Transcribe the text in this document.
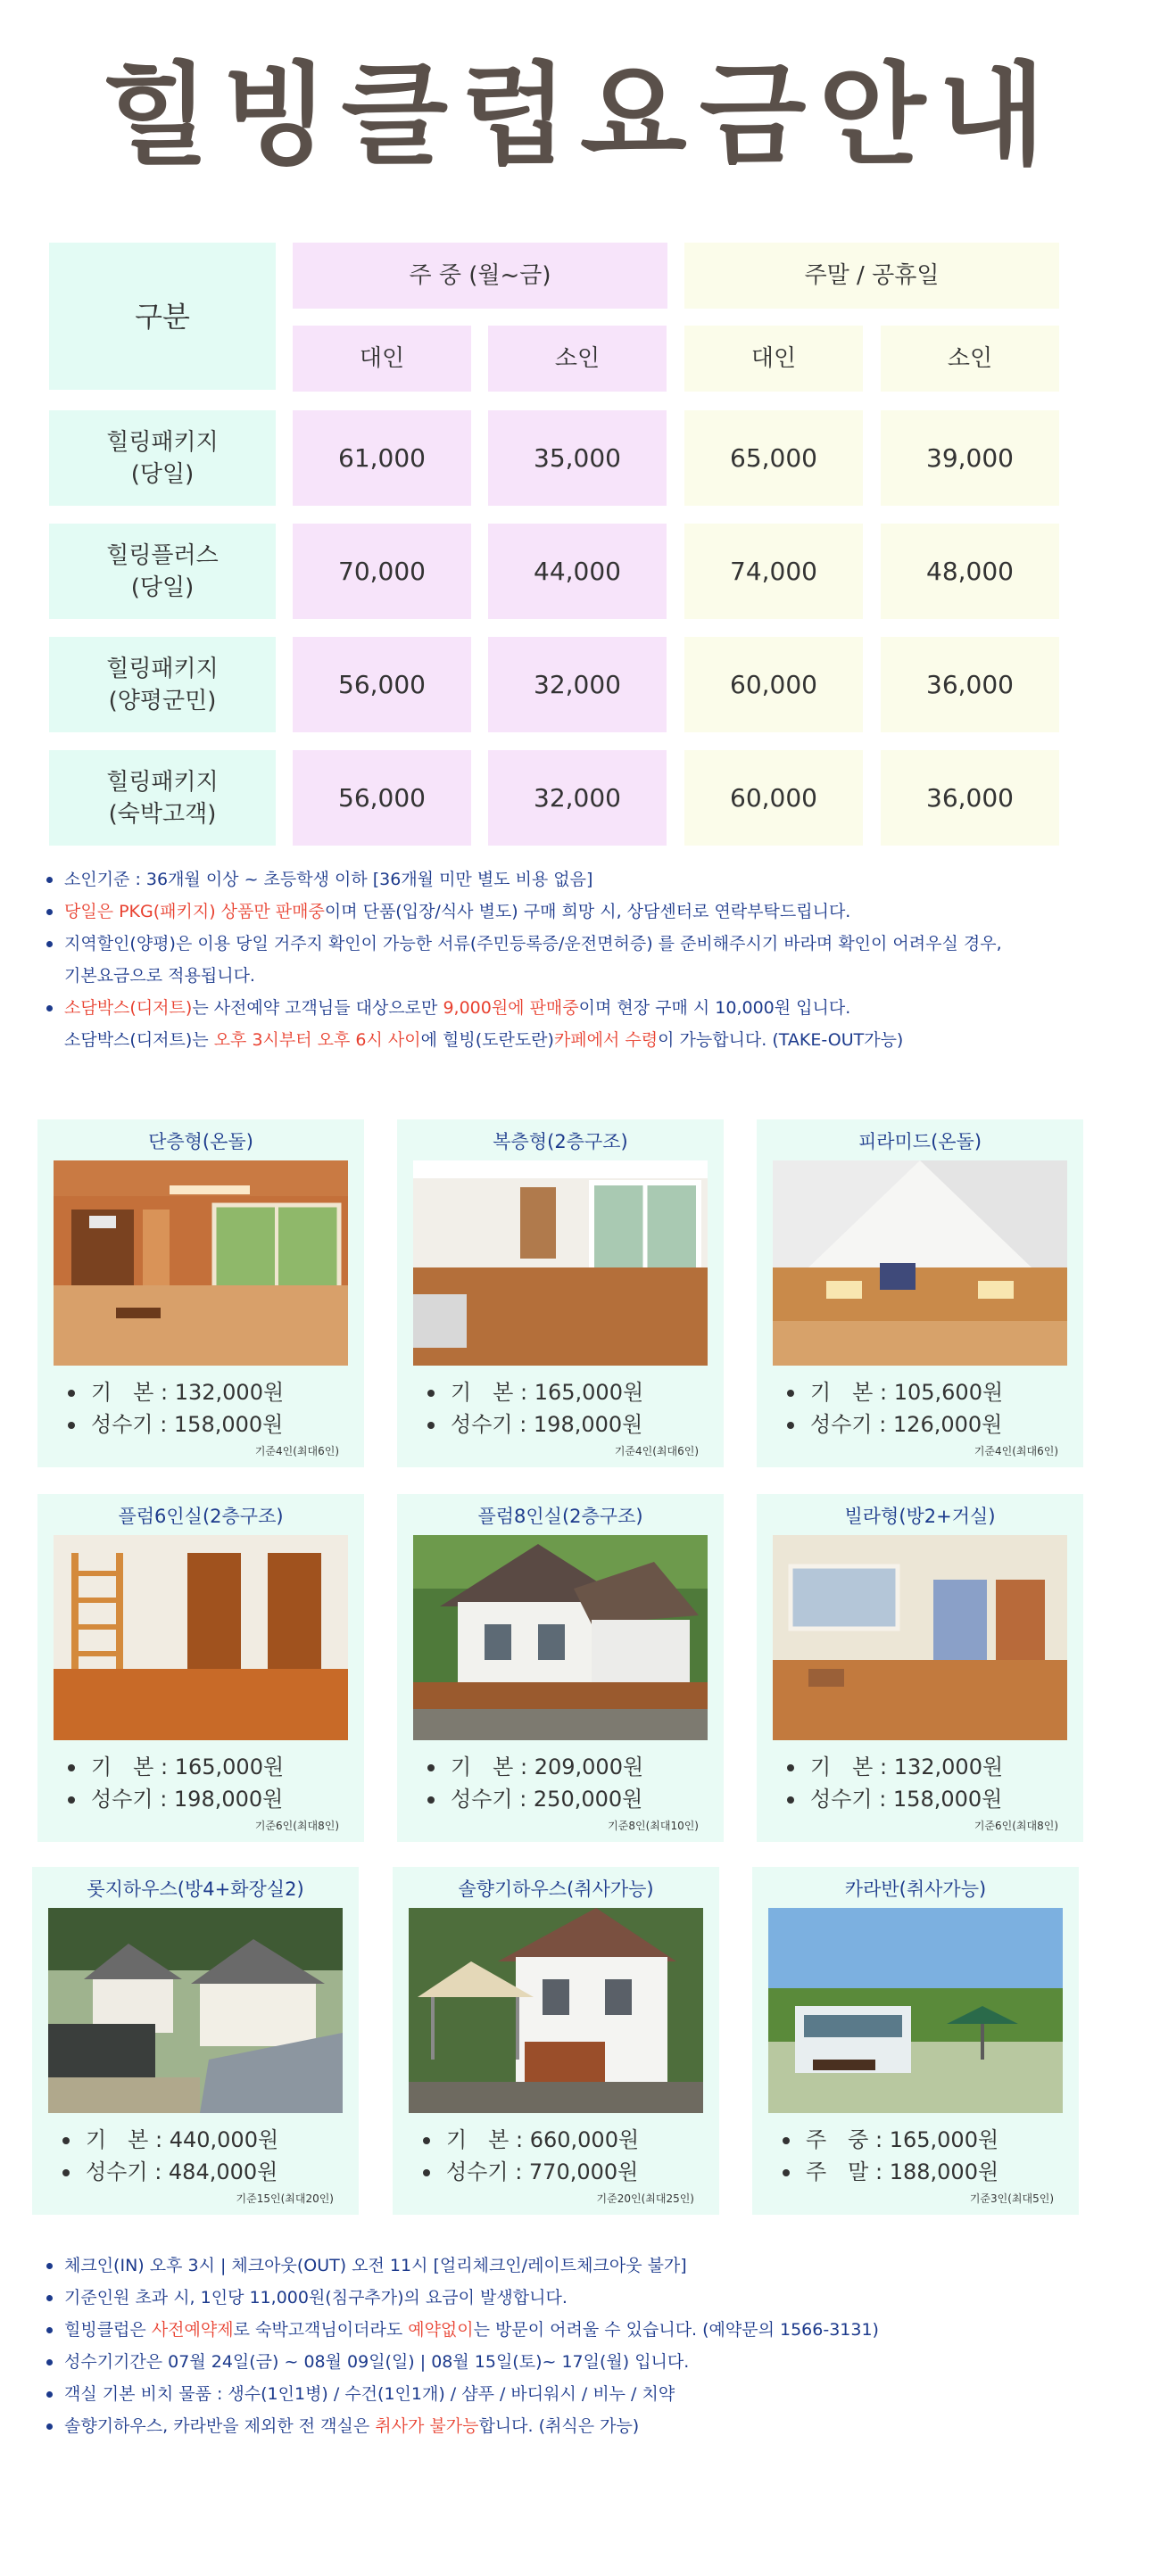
힐빙클럽요금안내
구분
주 중 (월~금)	주말 / 공휴일
대인	소인	대인	소인
힐링패키지
(당일)
61,000	35,000	65,000	39,000
힐링플러스
(당일)
70,000	44,000	74,000	48,000
힐링패키지
(양평군민)
56,000	32,000	60,000	36,000
힐링패키지
(숙박고객)
56,000	32,000	60,000	36,000
소인기준 : 36개월 이상 ~ 초등학생 이하 [36개월 미만 별도 비용 없음]
당일은 PKG(패키지) 상품만 판매중이며 단품(입장/식사 별도) 구매 희망 시, 상담센터로 연락부탁드립니다.
지역할인(양평)은 이용 당일 거주지 확인이 가능한 서류(주민등록증/운전면허증) 를 준비해주시기 바라며 확인이 어려우실 경우,
기본요금으로 적용됩니다.
소담박스(디저트)는 사전예약 고객님들 대상으로만 9,000원에 판매중이며 현장 구매 시 10,000원 입니다.
소담박스(디저트)는 오후 3시부터 오후 6시 사이에 힐빙(도란도란)카페에서 수령이 가능합니다. (TAKE-OUT가능)
단층형(온돌)
기　본 : 132,000원
성수기 : 158,000원
기준4인(최대6인)
복층형(2층구조)
기　본 : 165,000원
성수기 : 198,000원
기준4인(최대6인)
피라미드(온돌)
기　본 : 105,600원
성수기 : 126,000원
기준4인(최대6인)
플럼6인실(2층구조)
기　본 : 165,000원
성수기 : 198,000원
기준6인(최대8인)
플럼8인실(2층구조)
기　본 : 209,000원
성수기 : 250,000원
기준8인(최대10인)
빌라형(방2+거실)
기　본 : 132,000원
성수기 : 158,000원
기준6인(최대8인)
롯지하우스(방4+화장실2)
기　본 : 440,000원
성수기 : 484,000원
기준15인(최대20인)
솔향기하우스(취사가능)
기　본 : 660,000원
성수기 : 770,000원
기준20인(최대25인)
카라반(취사가능)
주　중 : 165,000원
주　말 : 188,000원
기준3인(최대5인)
체크인(IN) 오후 3시 | 체크아웃(OUT) 오전 11시 [얼리체크인/레이트체크아웃 불가]
기준인원 초과 시, 1인당 11,000원(침구추가)의 요금이 발생합니다.
힐빙클럽은 사전예약제로 숙박고객님이더라도 예약없이는 방문이 어려울 수 있습니다. (예약문의 1566-3131)
성수기기간은 07월 24일(금) ~ 08월 09일(일) | 08월 15일(토)~ 17일(월) 입니다.
객실 기본 비치 물품 : 생수(1인1병) / 수건(1인1개) / 샴푸 / 바디워시 / 비누 / 치약
솔향기하우스, 카라반을 제외한 전 객실은 취사가 불가능합니다. (취식은 가능)
